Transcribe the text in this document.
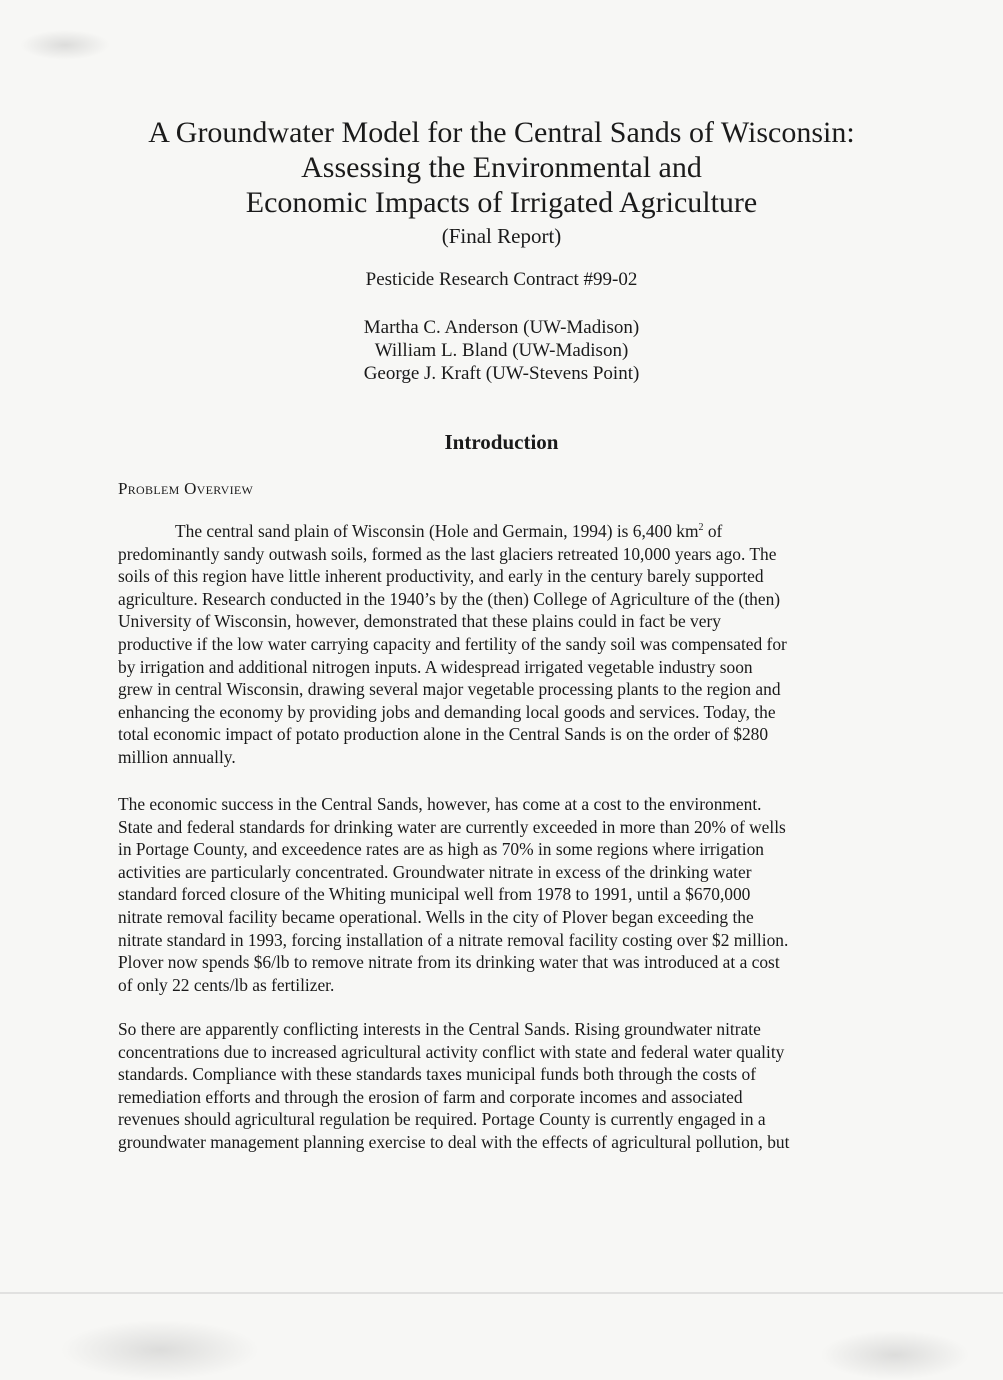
A Groundwater Model for the Central Sands of Wisconsin:
Assessing the Environmental and
Economic Impacts of Irrigated Agriculture
(Final Report)
Pesticide Research Contract #99-02
Martha C. Anderson (UW-Madison)
William L. Bland (UW-Madison)
George J. Kraft (UW-Stevens Point)
Introduction
Problem Overview
The central sand plain of Wisconsin (Hole and Germain, 1994) is 6,400 $km^2$ of
predominantly sandy outwash soils, formed as the last glaciers retreated 10,000 years ago. The
soils of this region have little inherent productivity, and early in the century barely supported
agriculture. Research conducted in the 1940’s by the (then) College of Agriculture of the (then)
University of Wisconsin, however, demonstrated that these plains could in fact be very
productive if the low water carrying capacity and fertility of the sandy soil was compensated for
by irrigation and additional nitrogen inputs. A widespread irrigated vegetable industry soon
grew in central Wisconsin, drawing several major vegetable processing plants to the region and
enhancing the economy by providing jobs and demanding local goods and services. Today, the
total economic impact of potato production alone in the Central Sands is on the order of $280
million annually.
The economic success in the Central Sands, however, has come at a cost to the environment.
State and federal standards for drinking water are currently exceeded in more than 20% of wells
in Portage County, and exceedence rates are as high as 70% in some regions where irrigation
activities are particularly concentrated. Groundwater nitrate in excess of the drinking water
standard forced closure of the Whiting municipal well from 1978 to 1991, until a $670,000
nitrate removal facility became operational. Wells in the city of Plover began exceeding the
nitrate standard in 1993, forcing installation of a nitrate removal facility costing over $2 million.
Plover now spends $6/lb to remove nitrate from its drinking water that was introduced at a cost
of only 22 cents/lb as fertilizer.
So there are apparently conflicting interests in the Central Sands. Rising groundwater nitrate
concentrations due to increased agricultural activity conflict with state and federal water quality
standards. Compliance with these standards taxes municipal funds both through the costs of
remediation efforts and through the erosion of farm and corporate incomes and associated
revenues should agricultural regulation be required. Portage County is currently engaged in a
groundwater management planning exercise to deal with the effects of agricultural pollution, but
